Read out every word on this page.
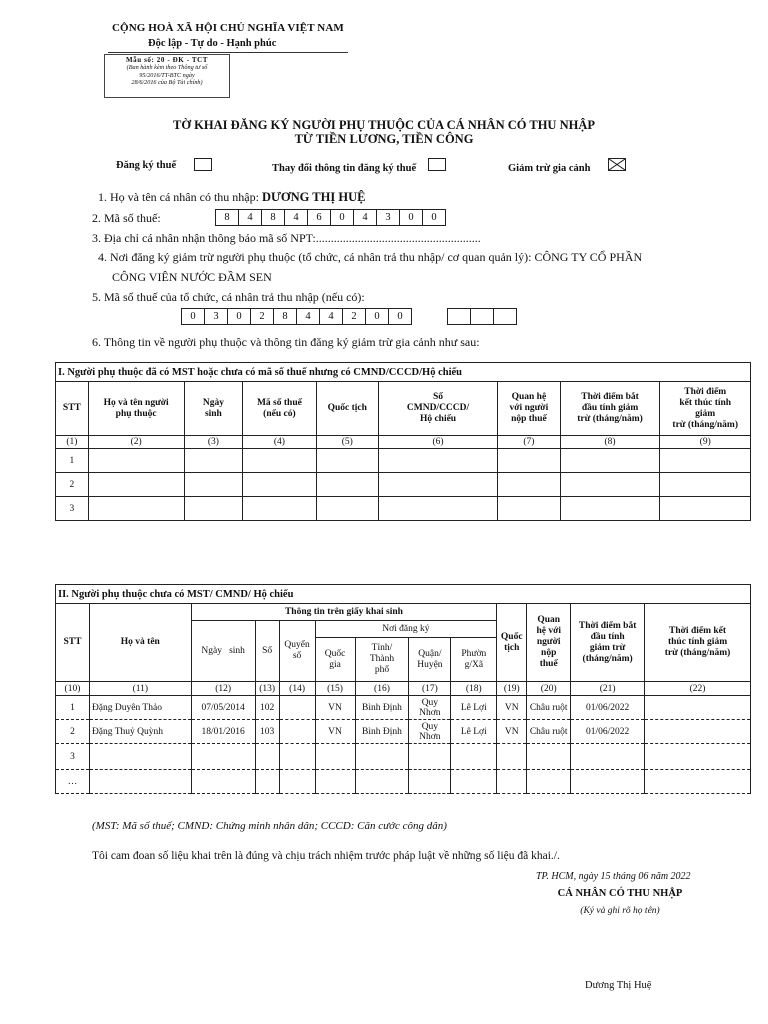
CỘNG HOÀ XÃ HỘI CHỦ NGHĨA VIỆT NAM
Độc lập - Tự do - Hạnh phúc
Mẫu số: 20 - ĐK - TCT
(Ban hành kèm theo Thông tư số
95/2016/TT-BTC ngày
28/6/2016 của Bộ Tài chính)
TỜ KHAI ĐĂNG KÝ NGƯỜI PHỤ THUỘC CỦA CÁ NHÂN CÓ THU NHẬP
TỪ TIỀN LƯƠNG, TIỀN CÔNG
Đăng ký thuế	Thay đổi thông tin đăng ký thuế	Giảm trừ gia cảnh
1. Họ và tên cá nhân có thu nhập: DƯƠNG THỊ HUỆ
2. Mã số thuế:	8	4	8	4	6	0	4	3	0	0
3. Địa chỉ cá nhân nhận thông báo mã số NPT:.......................................................
4. Nơi đăng ký giảm trừ người phụ thuộc (tổ chức, cá nhân trả thu nhập/ cơ quan quản lý): CÔNG TY CỔ PHẦN
CÔNG VIÊN NƯỚC ĐẦM SEN
5. Mã số thuế của tổ chức, cá nhân trả thu nhập (nếu có):
0	3	0	2	8	4	4	2	0	0
6. Thông tin về người phụ thuộc và thông tin đăng ký giảm trừ gia cảnh như sau:
I. Người phụ thuộc đã có MST hoặc chưa có mã số thuế nhưng có CMND/CCCD/Hộ chiếu								
STT	Họ và tên người
phụ thuộc	Ngày
sinh	Mã số thuế
(nếu có)	Quốc tịch	Số
CMND/CCCD/
Hộ chiếu	Quan hệ
với người
nộp thuế	Thời điểm bắt
đầu tính giảm
trừ (tháng/năm)	Thời điểm
kết thúc tính
giảm
trừ (tháng/năm)
(1)	(2)	(3)	(4)	(5)	(6)	(7)	(8)	(9)
1								
2								
3								
II. Người phụ thuộc chưa có MST/ CMND/ Hộ chiếu												
STT	Họ và tên	Thông tin trên giấy khai sinh							Quốc
tịch	Quan
hệ với
người
nộp
thuế	Thời điểm bắt
đầu tính
giảm trừ
(tháng/năm)	Thời điểm kết
thúc tính giảm
trừ (tháng/năm)
		Ngày sinh	Số	Quyển
số	Nơi đăng ký							
					Quốc
gia	Tỉnh/
Thành
phố	Quận/
Huyện	Phườn
g/Xã				
(10)	(11)	(12)	(13)	(14)	(15)	(16)	(17)	(18)	(19)	(20)	(21)	(22)
1	Đặng Duyên Thảo	07/05/2014	102		VN	Bình Định	Quy
Nhơn	Lê Lợi	VN	Châu ruột	01/06/2022	
2	Đặng Thuỷ Quỳnh	18/01/2016	103		VN	Bình Định	Quy
Nhơn	Lê Lợi	VN	Châu ruột	01/06/2022	
3												
…												
(MST: Mã số thuế; CMND: Chứng minh nhân dân; CCCD: Căn cước công dân)
Tôi cam đoan số liệu khai trên là đúng và chịu trách nhiệm trước pháp luật về những số liệu đã khai./.
TP. HCM, ngày 15 tháng 06 năm 2022
CÁ NHÂN CÓ THU NHẬP
(Ký và ghi rõ họ tên)
Dương Thị Huệ
